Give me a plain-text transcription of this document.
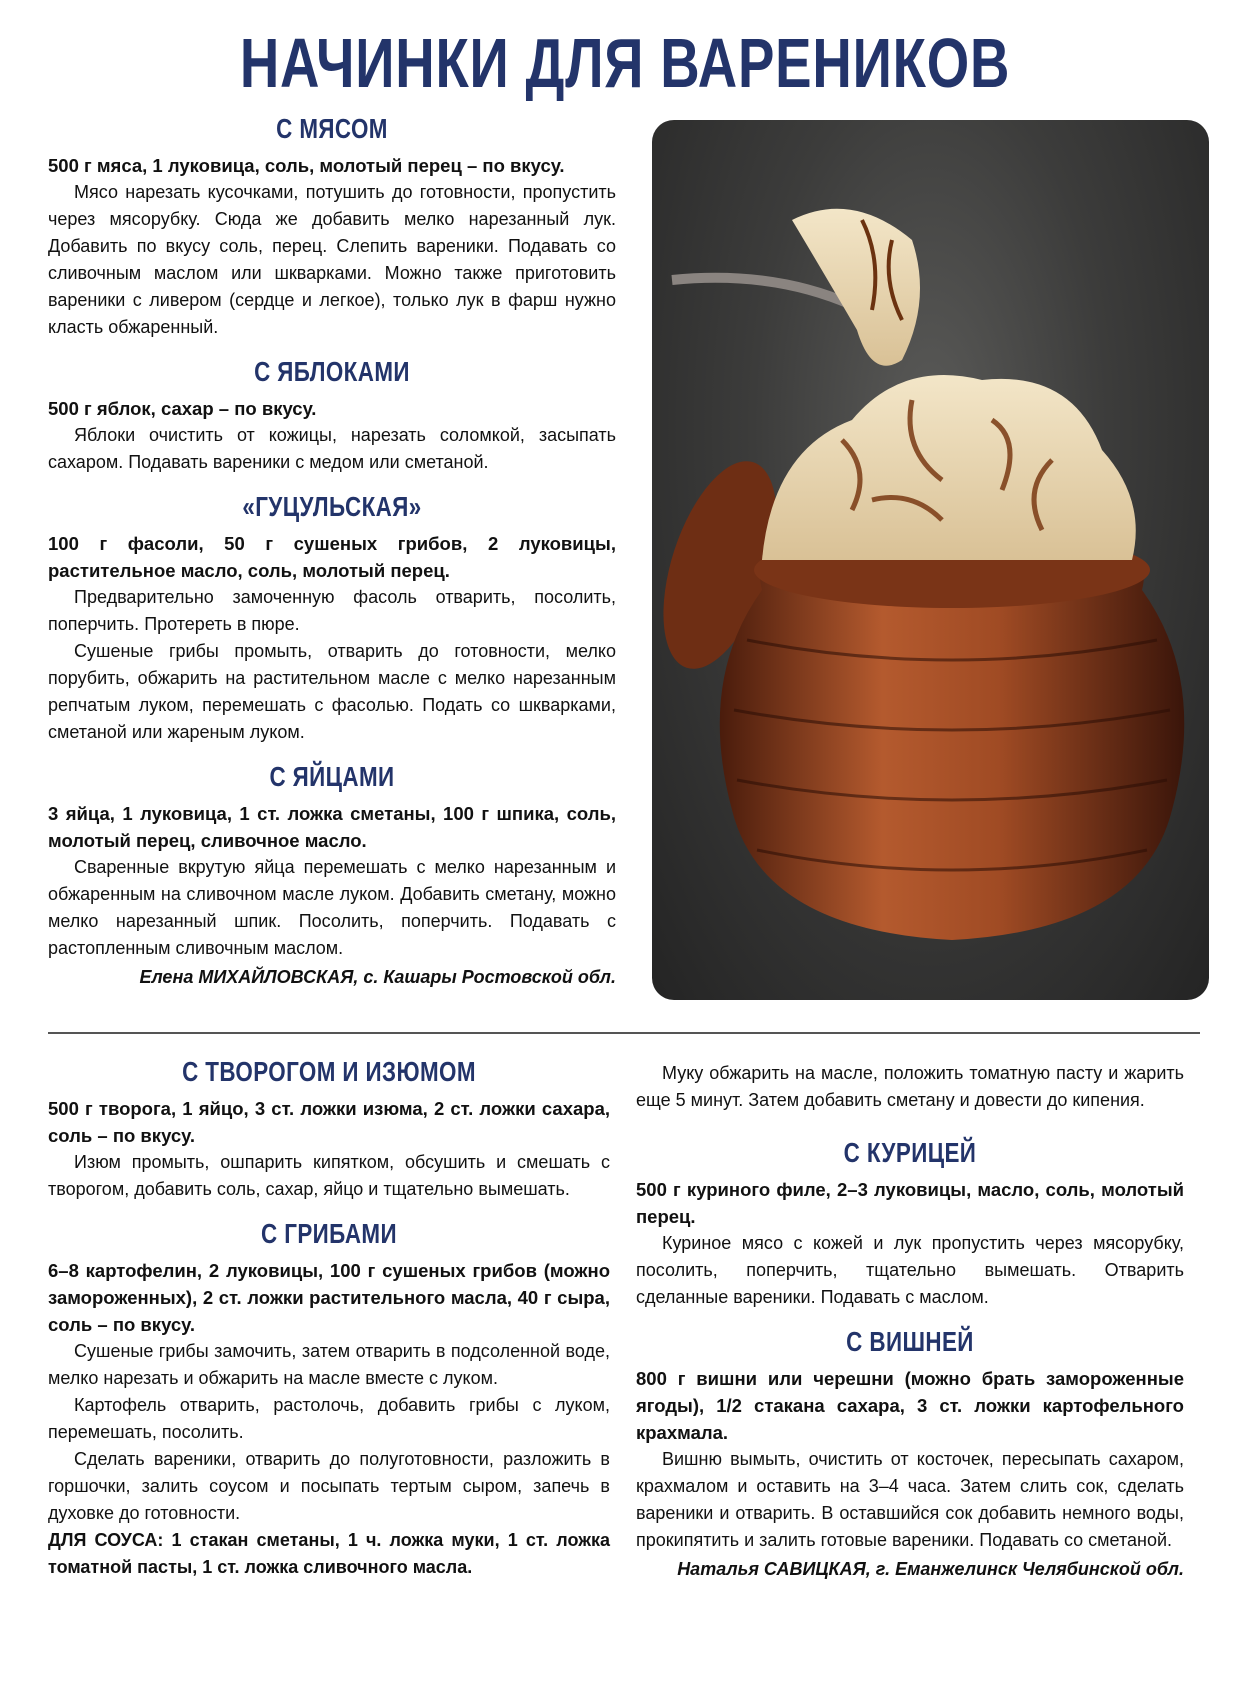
НАЧИНКИ ДЛЯ ВАРЕНИКОВ
С МЯСОМ

500 г мяса, 1 луковица, соль, молотый перец – по вкусу.

Мясо нарезать кусочками, потушить до готовности, пропустить через мясорубку. Сюда же добавить мелко нарезанный лук. Добавить по вкусу соль, перец. Слепить вареники. Подавать со сливочным маслом или шкварками. Можно также приготовить вареники с ливером (сердце и легкое), только лук в фарш нужно класть обжаренный.

С ЯБЛОКАМИ

500 г яблок, сахар – по вкусу.

Яблоки очистить от кожицы, нарезать соломкой, засыпать сахаром. Подавать вареники с медом или сметаной.

«ГУЦУЛЬСКАЯ»

100 г фасоли, 50 г сушеных грибов, 2 луковицы, растительное масло, соль, молотый перец.

Предварительно замоченную фасоль отварить, посолить, поперчить. Протереть в пюре.

Сушеные грибы промыть, отварить до готовности, мелко порубить, обжарить на растительном масле с мелко нарезанным репчатым луком, перемешать с фасолью. Подать со шкварками, сметаной или жареным луком.

С ЯЙЦАМИ

3 яйца, 1 луковица, 1 ст. ложка сметаны, 100 г шпика, соль, молотый перец, сливочное масло.

Сваренные вкрутую яйца перемешать с мелко нарезанным и обжаренным на сливочном масле луком. Добавить сметану, можно мелко нарезанный шпик. Посолить, поперчить. Подавать с растопленным сливочным маслом.

Елена МИХАЙЛОВСКАЯ, с. Кашары Ростовской обл.

С ТВОРОГОМ И ИЗЮМОМ

500 г творога, 1 яйцо, 3 ст. ложки изюма, 2 ст. ложки сахара, соль – по вкусу.

Изюм промыть, ошпарить кипятком, обсушить и смешать с творогом, добавить соль, сахар, яйцо и тщательно вымешать.

С ГРИБАМИ

6–8 картофелин, 2 луковицы, 100 г сушеных грибов (можно замороженных), 2 ст. ложки растительного масла, 40 г сыра, соль – по вкусу.

Сушеные грибы замочить, затем отварить в подсоленной воде, мелко нарезать и обжарить на масле вместе с луком.

Картофель отварить, растолочь, добавить грибы с луком, перемешать, посолить.

Сделать вареники, отварить до полуготовности, разложить в горшочки, залить соусом и посыпать тертым сыром, запечь в духовке до готовности.

ДЛЯ СОУСА: 1 стакан сметаны, 1 ч. ложка муки, 1 ст. ложка томатной пасты, 1 ст. ложка сливочного масла.

Муку обжарить на масле, положить томатную пасту и жарить еще 5 минут. Затем добавить сметану и довести до кипения.

С КУРИЦЕЙ

500 г куриного филе, 2–3 луковицы, масло, соль, молотый перец.

Куриное мясо с кожей и лук пропустить через мясорубку, посолить, поперчить, тщательно вымешать. Отварить сделанные вареники. Подавать с маслом.

С ВИШНЕЙ

800 г вишни или черешни (можно брать замороженные ягоды), 1/2 стакана сахара, 3 ст. ложки картофельного крахмала.

Вишню вымыть, очистить от косточек, пересыпать сахаром, крахмалом и оставить на 3–4 часа. Затем слить сок, сделать вареники и отварить. В оставшийся сок добавить немного воды, прокипятить и залить готовые вареники. Подавать со сметаной.

Наталья САВИЦКАЯ, г. Еманжелинск Челябинской обл.
